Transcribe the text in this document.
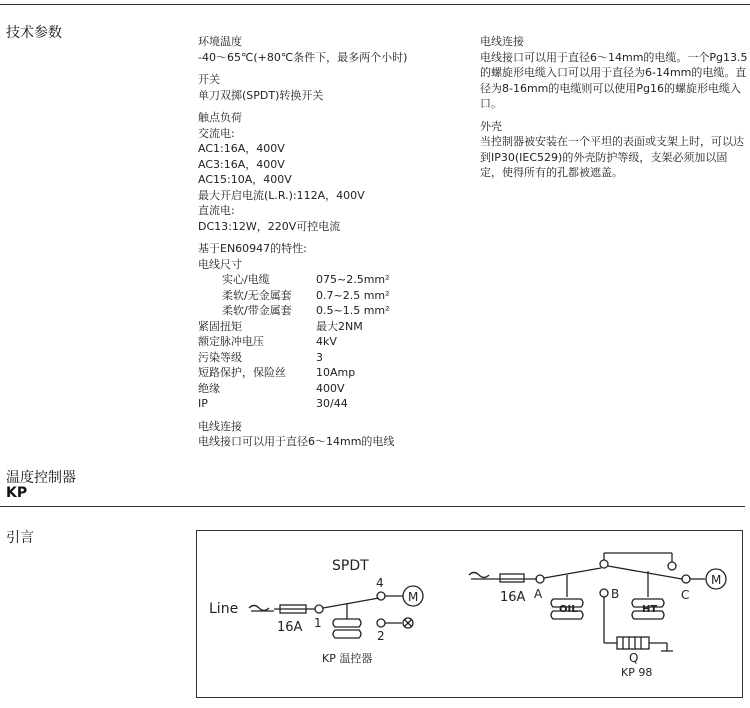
技术参数

环境温度

-40～65℃(+80℃条件下，最多两个小时)

开关

单刀双掷(SPDT)转换开关

触点负荷

交流电:

AC1:16A，400V

AC3:16A，400V

AC15:10A，400V

最大开启电流(L.R.):112A，400V

直流电:

DC13:12W，220V可控电流

基于EN60947的特性:

电线尺寸

实心/电缆	075~2.5mm²
柔软/无金属套	0.7~2.5 mm²
柔软/带金属套	0.5~1.5 mm²
紧固扭矩	最大2NM
额定脉冲电压	4kV
污染等级	3
短路保护，保险丝	10Amp
绝缘	400V
IP	30/44

电线连接

电线接口可以用于直径6～14mm的电线

电线连接

电线接口可以用于直径6～14mm的电缆。一个Pg13.5的螺旋形电缆入口可以用于直径为6-14mm的电缆。直径为8-16mm的电缆则可以使用Pg16的螺旋形电缆入口。

外壳

当控制器被安装在一个平坦的表面或支架上时，可以达到IP30(IEC529)的外壳防护等级，支架必须加以固定，使得所有的孔都被遮盖。

温度控制器
KP
引言
SPDT
Line
16A 1
4
M
2
KP 温控器
16A A	C
M
B
Q
KP 98
OIL	HT
